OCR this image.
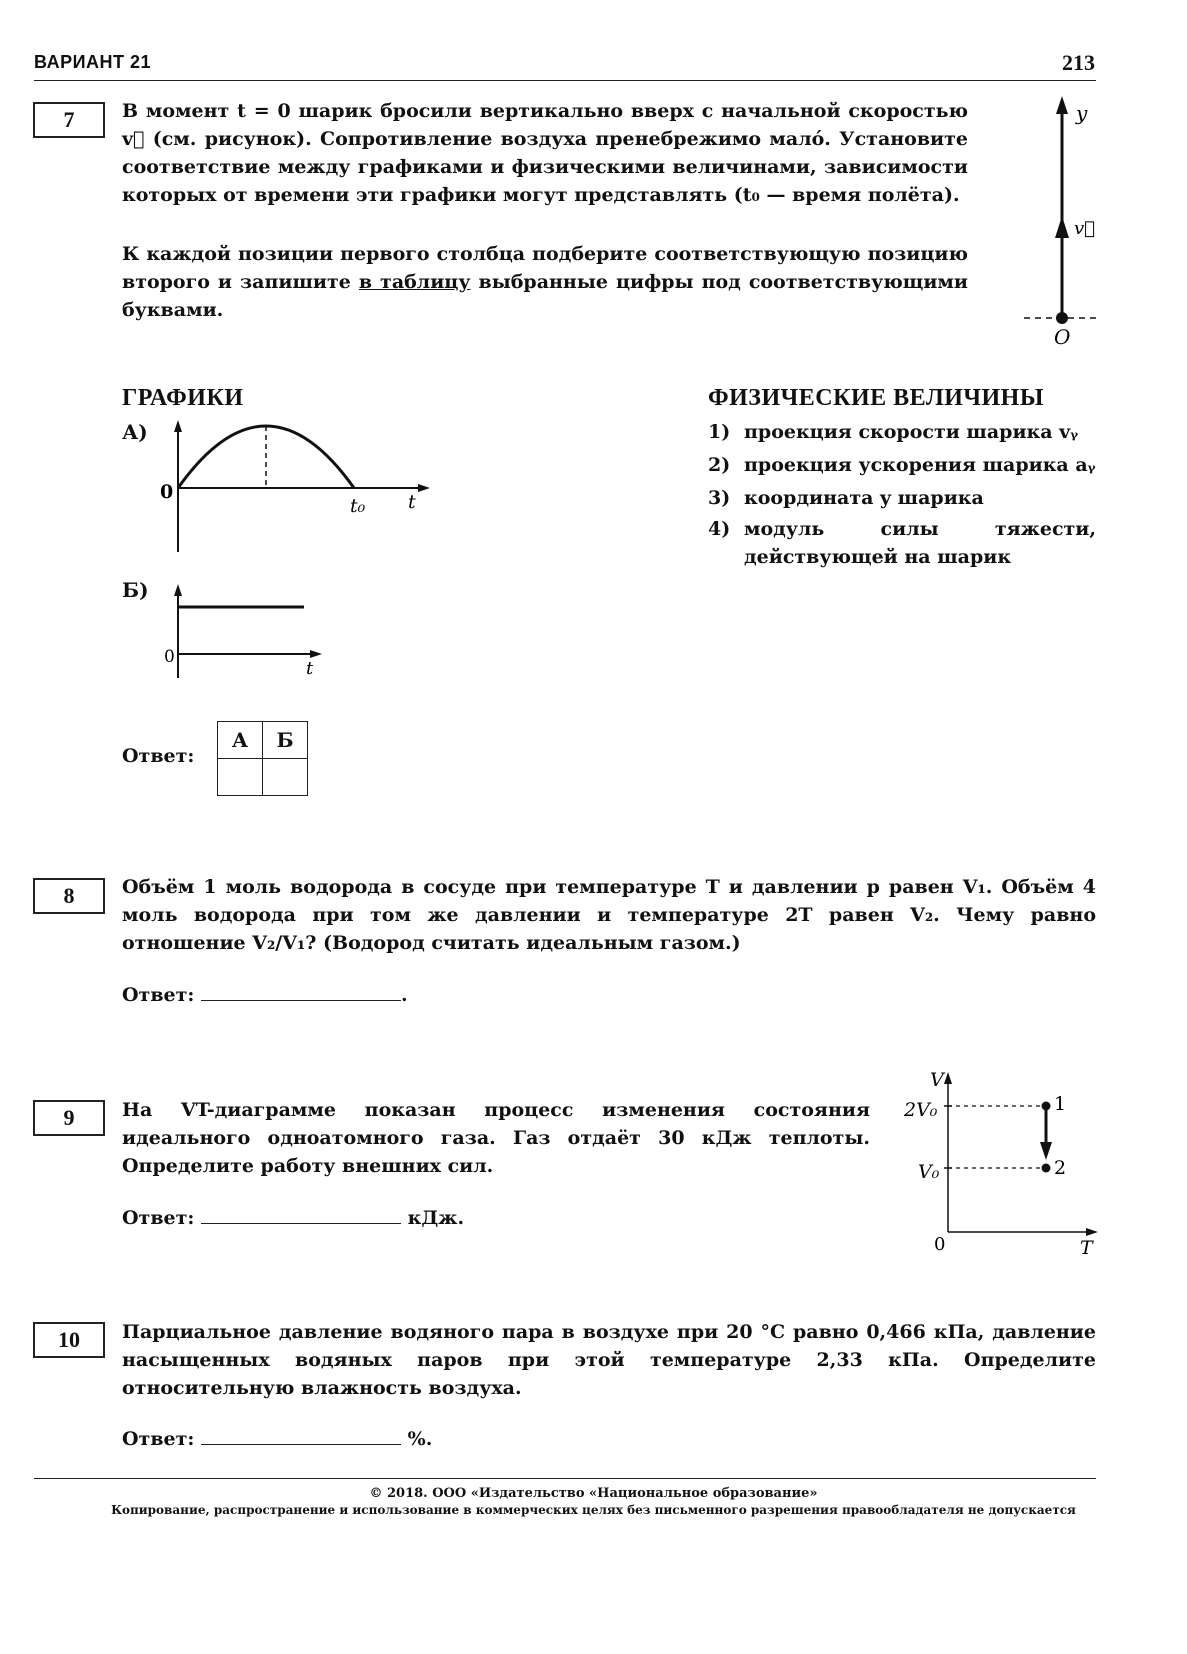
ВАРИАНТ 21	213
7	В момент t = 0 шарик бросили вертикально вверх с начальной скоростью v⃗ (см. рисунок). Сопротивление воздуха пренебрежимо мало́. Установите соответствие между графиками и физическими величинами, зависимости которых от времени эти графики могут представлять (t₀ — время полёта).
К каждой позиции первого столбца подберите соответствующую позицию второго и запишите в таблицу выбранные цифры под соответствующими буквами.
y
v⃗
O
ГРАФИКИ
А)
0
t₀ t
Б)
0
t
ФИЗИЧЕСКИЕ ВЕЛИЧИНЫ
1) проекция скорости шарика vᵧ
2) проекция ускорения шарика aᵧ
3) координата y шарика
4) модуль силы тяжести, действующей на шарик
Ответ:
А	Б

8	Объём 1 моль водорода в сосуде при температуре T и давлении p равен V₁. Объём 4 моль водорода при том же давлении и температуре 2T равен V₂. Чему равно отношение V₂/V₁? (Водород считать идеальным газом.)
Ответ:	.
9	На VT-диаграмме показан процесс изменения состояния идеального одноатомного газа. Газ отдаёт 30 кДж теплоты. Определите работу внешних сил.
Ответ:	кДж.
V
2V₀
V₀
0	T
1
2
10	Парциальное давление водяного пара в воздухе при 20 °С равно 0,466 кПа, давление насыщенных водяных паров при этой температуре 2,33 кПа. Определите относительную влажность воздуха.
Ответ:	%.
© 2018. ООО «Издательство «Национальное образование»
Копирование, распространение и использование в коммерческих целях без письменного разрешения правообладателя не допускается
